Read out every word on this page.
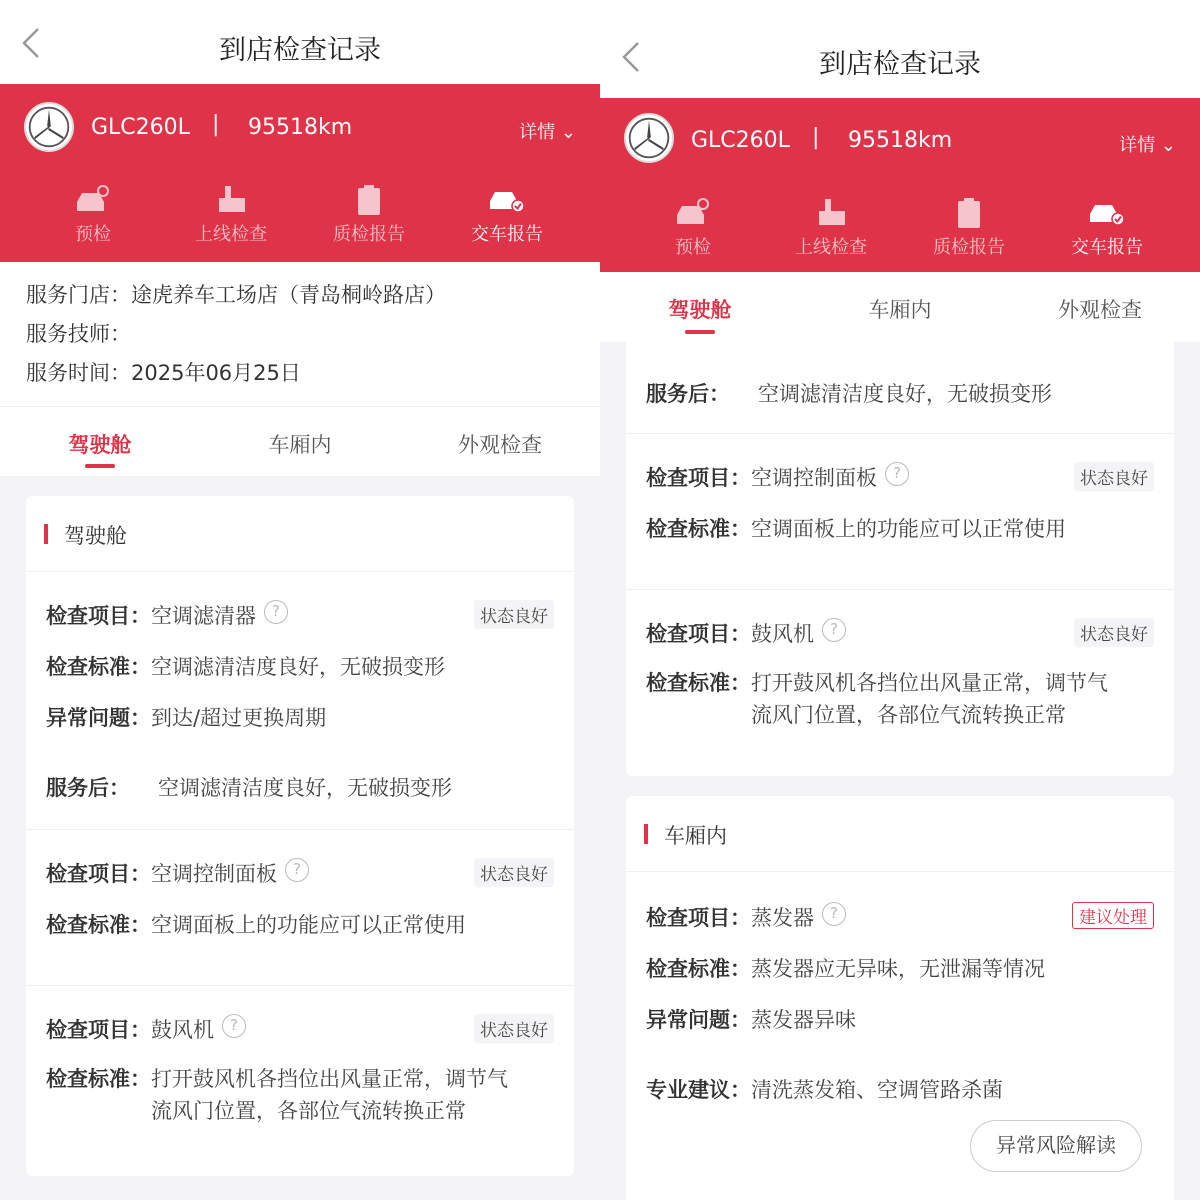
到店检查记录
GLC260L | 95518km	详情 ⌄
预检	上线检查	质检报告	交车报告
服务门店：途虎养车工场店（青岛桐岭路店）
服务技师：
服务时间：2025年06月25日
驾驶舱	车厢内	外观检查
驾驶舱
检查项目： 空调滤清器	?	状态良好
检查标准： 空调滤清洁度良好，无破损变形
异常问题： 到达/超过更换周期
服务后：	空调滤清洁度良好，无破损变形
检查项目： 空调控制面板	?	状态良好
检查标准： 空调面板上的功能应可以正常使用
检查项目： 鼓风机	?	状态良好
检查标准： 打开鼓风机各挡位出风量正常，调节气
流风门位置，各部位气流转换正常
到店检查记录
GLC260L | 95518km	详情 ⌄
预检	上线检查	质检报告	交车报告
驾驶舱	车厢内	外观检查
服务后：	空调滤清洁度良好，无破损变形
检查项目： 空调控制面板	?	状态良好
检查标准： 空调面板上的功能应可以正常使用
检查项目： 鼓风机	?	状态良好
检查标准： 打开鼓风机各挡位出风量正常，调节气
流风门位置，各部位气流转换正常
车厢内
检查项目： 蒸发器	?	建议处理
检查标准： 蒸发器应无异味，无泄漏等情况
异常问题： 蒸发器异味
专业建议： 清洗蒸发箱、空调管路杀菌
异常风险解读
